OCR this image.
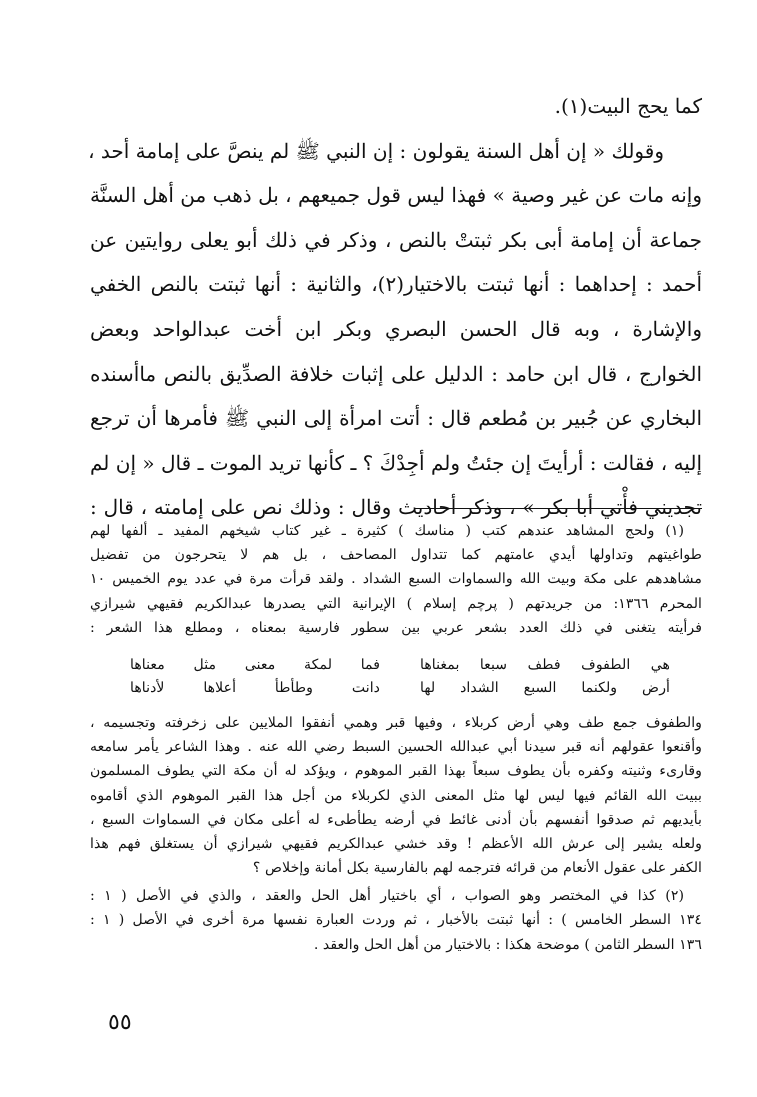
كما يحج البيت(١).
وقولك « إن أهل السنة يقولون : إن النبي ﷺ لم ينصَّ على إمامة أحد ،
وإنه مات عن غير وصية » فهذا ليس قول جميعهم ، بل ذهب من أهل السنَّة
جماعة أن إمامة أبى بكر ثبتتْ بالنص ، وذكر في ذلك أبو يعلى روايتين عن
أحمد : إحداهما : أنها ثبتت بالاختيار(٢)، والثانية : أنها ثبتت بالنص الخفي
والإشارة ، وبه قال الحسن البصري وبكر ابن أخت عبدالواحد وبعض
الخوارج ، قال ابن حامد : الدليل على إثبات خلافة الصدِّيق بالنص ماأسنده
البخاري عن جُبير بن مُطعم قال : أتت امرأة إلى النبي ﷺ فأمرها أن ترجع
إليه ، فقالت : أرأيتَ إن جئتُ ولم أجِدْكَ ؟ ـ كأنها تريد الموت ـ قال « إن لم
تجديني فأْتي أبا بكر » ، وذكر أحاديث وقال : وذلك نص على إمامته ، قال :
(١) ولحج المشاهد عندهم كتب ( مناسك ) كثيرة ـ غير كتاب شيخهم المفيد ـ ألفها لهم
طواغيتهم وتداولها أيدي عامتهم كما تتداول المصاحف ، بل هم لا يتحرجون من تفضيل
مشاهدهم على مكة وبيت الله والسماوات السبع الشداد . ولقد قرأت مرة في عدد يوم الخميس ١٠
المحرم ١٣٦٦: من جريدتهم ( پرچم إسلام ) الإيرانية التي يصدرها عبدالكريم فقيهي شيرازي
فرأيته يتغنى في ذلك العدد بشعر عربي بين سطور فارسية بمعناه ، ومطلع هذا الشعر :
هي الطفوف فطف سبعا بمغناها
فما لمكة معنى مثل معناها
أرض ولكنما السبع الشداد لها
دانت وطأطأ أعلاها لأدناها
والطفوف جمع طف وهي أرض كربلاء ، وفيها قبر وهمي أنفقوا الملايين على زخرفته وتجسيمه ،
وأقنعوا عقولهم أنه قبر سيدنا أبي عبدالله الحسين السبط رضي الله عنه . وهذا الشاعر يأمر سامعه
وقارىء وثنيته وكفره بأن يطوف سبعاً بهذا القبر الموهوم ، ويؤكد له أن مكة التي يطوف المسلمون
ببيت الله القائم فيها ليس لها مثل المعنى الذي لكربلاء من أجل هذا القبر الموهوم الذي أقاموه
بأيديهم ثم صدقوا أنفسهم بأن أدنى غائط في أرضه يطأطىء له أعلى مكان في السماوات السبع ،
ولعله يشير إلى عرش الله الأعظم ! وقد خشي عبدالكريم فقيهي شيرازي أن يستغلق فهم هذا
الكفر على عقول الأنعام من قرائه فترجمه لهم بالفارسية بكل أمانة وإخلاص ؟
(٢) كذا في المختصر وهو الصواب ، أي باختيار أهل الحل والعقد ، والذي في الأصل ( ١ :
١٣٤ السطر الخامس ) : أنها ثبتت بالأخبار ، ثم وردت العبارة نفسها مرة أخرى في الأصل ( ١ :
١٣٦ السطر الثامن ) موضحة هكذا : بالاختيار من أهل الحل والعقد .
٥٥
